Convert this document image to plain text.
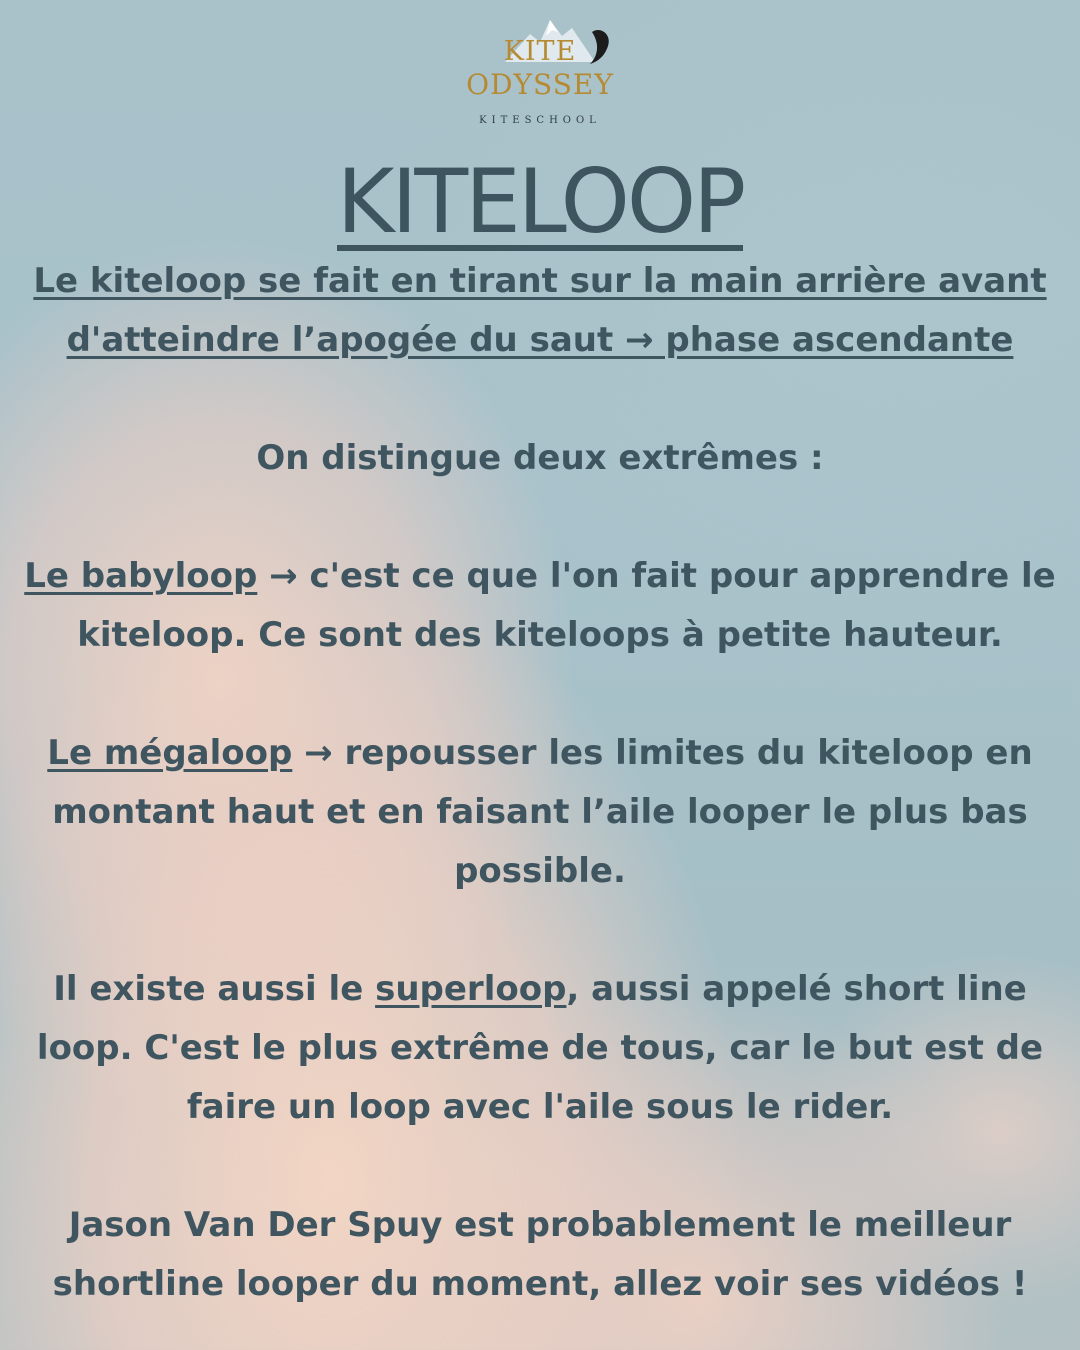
KITE
ODYSSEY
KITESCHOOL
KITELOOP

Le kiteloop se fait en tirant sur la main arrière avant d'atteindre l’apogée du saut → phase ascendante

On distingue deux extrêmes :

Le babyloop → c'est ce que l'on fait pour apprendre le kiteloop. Ce sont des kiteloops à petite hauteur.

Le mégaloop → repousser les limites du kiteloop en montant haut et en faisant l’aile looper le plus bas possible.

Il existe aussi le superloop, aussi appelé short line loop. C'est le plus extrême de tous, car le but est de faire un loop avec l'aile sous le rider.

Jason Van Der Spuy est probablement le meilleur shortline looper du moment, allez voir ses vidéos !
